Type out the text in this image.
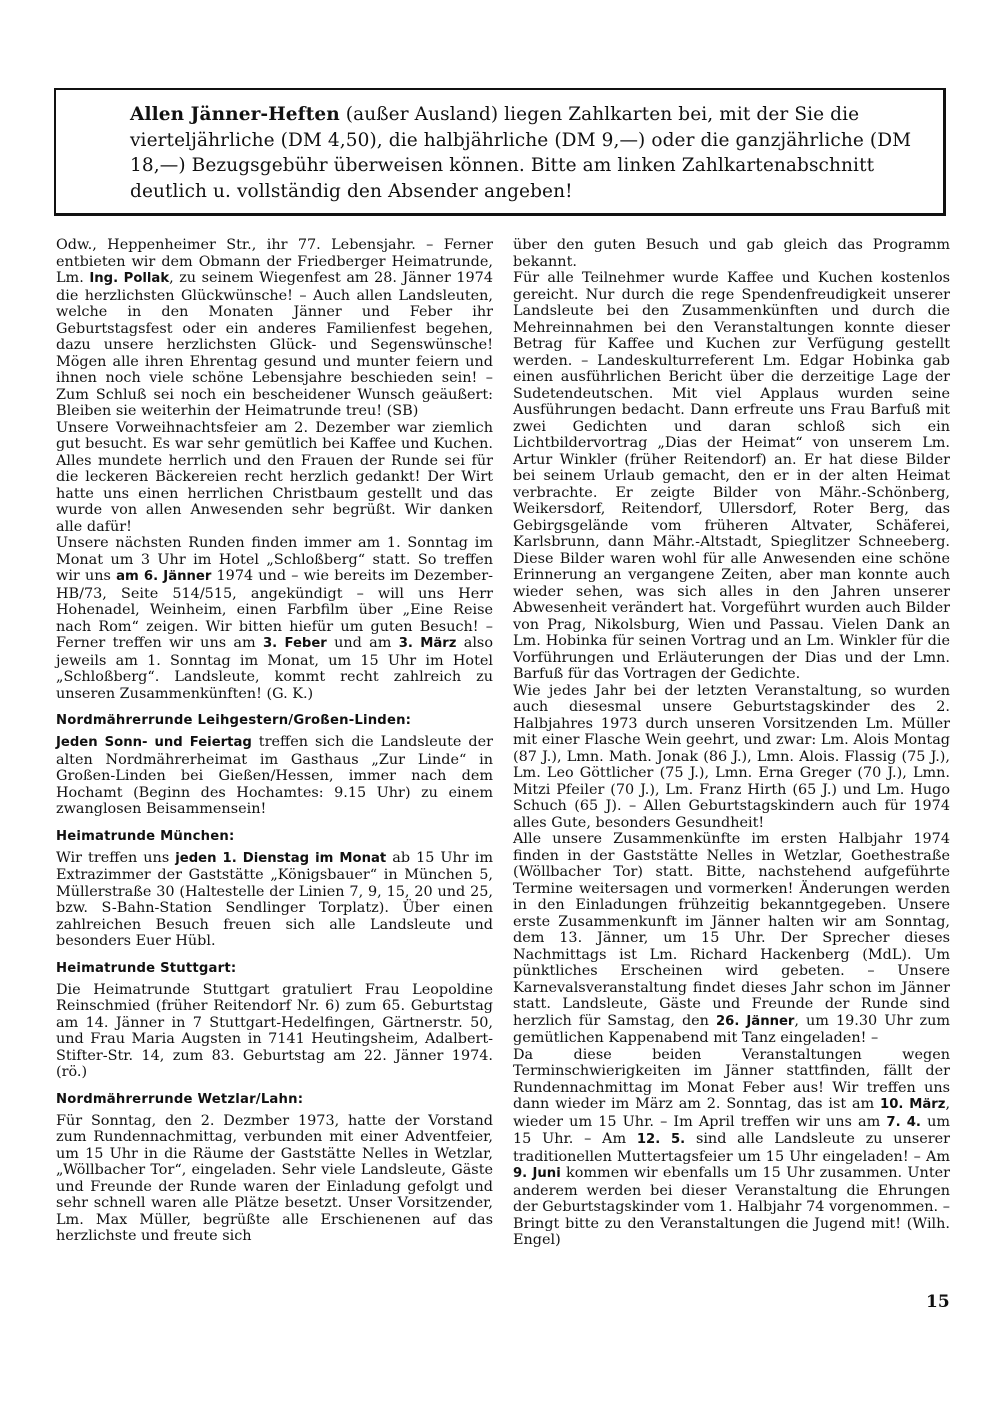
Allen Jänner-Heften (außer Ausland) liegen Zahlkarten bei, mit der Sie die vierteljährliche (DM 4,50), die halbjährliche (DM 9,—) oder die ganzjährliche (DM 18,—) Bezugsgebühr überweisen können. Bitte am linken Zahlkartenabschnitt deutlich u. vollständig den Absender angeben!

Odw., Heppenheimer Str., ihr 77. Lebensjahr. – Ferner entbieten wir dem Obmann der Friedberger Heimatrunde, Lm. Ing. Pollak, zu seinem Wiegenfest am 28. Jänner 1974 die herzlichsten Glückwünsche! – Auch allen Landsleuten, welche in den Monaten Jänner und Feber ihr Geburtstagsfest oder ein anderes Familienfest begehen, dazu unsere herzlichsten Glück- und Segenswünsche! Mögen alle ihren Ehrentag gesund und munter feiern und ihnen noch viele schöne Lebensjahre beschieden sein! – Zum Schluß sei noch ein bescheidener Wunsch geäußert: Bleiben sie weiterhin der Heimatrunde treu! (SB)

Unsere Vorweihnachtsfeier am 2. Dezember war ziemlich gut besucht. Es war sehr gemütlich bei Kaffee und Kuchen. Alles mundete herrlich und den Frauen der Runde sei für die leckeren Bäckereien recht herzlich gedankt! Der Wirt hatte uns einen herrlichen Christbaum gestellt und das wurde von allen Anwesenden sehr begrüßt. Wir danken alle dafür!

Unsere nächsten Runden finden immer am 1. Sonntag im Monat um 3 Uhr im Hotel „Schloßberg“ statt. So treffen wir uns am 6. Jänner 1974 und – wie bereits im Dezember-HB/73, Seite 514/515, angekündigt – will uns Herr Hohenadel, Weinheim, einen Farbfilm über „Eine Reise nach Rom“ zeigen. Wir bitten hiefür um guten Besuch! – Ferner treffen wir uns am 3. Feber und am 3. März also jeweils am 1. Sonntag im Monat, um 15 Uhr im Hotel „Schloßberg“. Landsleute, kommt recht zahlreich zu unseren Zusammenkünften! (G. K.)

Nordmährerrunde Leihgestern/Großen-Linden:

Jeden Sonn- und Feiertag treffen sich die Landsleute der alten Nordmährerheimat im Gasthaus „Zur Linde“ in Großen-Linden bei Gießen/Hessen, immer nach dem Hochamt (Beginn des Hochamtes: 9.15 Uhr) zu einem zwanglosen Beisammensein!

Heimatrunde München:

Wir treffen uns jeden 1. Dienstag im Monat ab 15 Uhr im Extrazimmer der Gaststätte „Königsbauer“ in München 5, Müllerstraße 30 (Haltestelle der Linien 7, 9, 15, 20 und 25, bzw. S-Bahn-Station Sendlinger Torplatz). Über einen zahlreichen Besuch freuen sich alle Landsleute und besonders Euer Hübl.

Heimatrunde Stuttgart:

Die Heimatrunde Stuttgart gratuliert Frau Leopoldine Reinschmied (früher Reitendorf Nr. 6) zum 65. Geburtstag am 14. Jänner in 7 Stuttgart-Hedelfingen, Gärtnerstr. 50, und Frau Maria Augsten in 7141 Heutingsheim, Adalbert-Stifter-Str. 14, zum 83. Geburtstag am 22. Jänner 1974. (rö.)

Nordmährerrunde Wetzlar/Lahn:

Für Sonntag, den 2. Dezmber 1973, hatte der Vorstand zum Rundennachmittag, verbunden mit einer Adventfeier, um 15 Uhr in die Räume der Gaststätte Nelles in Wetzlar, „Wöllbacher Tor“, eingeladen. Sehr viele Landsleute, Gäste und Freunde der Runde waren der Einladung gefolgt und sehr schnell waren alle Plätze besetzt. Unser Vorsitzender, Lm. Max Müller, begrüßte alle Erschienenen auf das herzlichste und freute sich

über den guten Besuch und gab gleich das Programm bekannt.

Für alle Teilnehmer wurde Kaffee und Kuchen kostenlos gereicht. Nur durch die rege Spendenfreudigkeit unserer Landsleute bei den Zusammenkünften und durch die Mehreinnahmen bei den Veranstaltungen konnte dieser Betrag für Kaffee und Kuchen zur Verfügung gestellt werden. – Landeskulturreferent Lm. Edgar Hobinka gab einen ausführlichen Bericht über die derzeitige Lage der Sudetendeutschen. Mit viel Applaus wurden seine Ausführungen bedacht. Dann erfreute uns Frau Barfuß mit zwei Gedichten und daran schloß sich ein Lichtbildervortrag „Dias der Heimat“ von unserem Lm. Artur Winkler (früher Reitendorf) an. Er hat diese Bilder bei seinem Urlaub gemacht, den er in der alten Heimat verbrachte. Er zeigte Bilder von Mähr.-Schönberg, Weikersdorf, Reitendorf, Ullersdorf, Roter Berg, das Gebirgsgelände vom früheren Altvater, Schäferei, Karlsbrunn, dann Mähr.-Altstadt, Spieglitzer Schneeberg. Diese Bilder waren wohl für alle Anwesenden eine schöne Erinnerung an vergangene Zeiten, aber man konnte auch wieder sehen, was sich alles in den Jahren unserer Abwesenheit verändert hat. Vorgeführt wurden auch Bilder von Prag, Nikolsburg, Wien und Passau. Vielen Dank an Lm. Hobinka für seinen Vortrag und an Lm. Winkler für die Vorführungen und Erläuterungen der Dias und der Lmn. Barfuß für das Vortragen der Gedichte.

Wie jedes Jahr bei der letzten Veranstaltung, so wurden auch diesesmal unsere Geburtstagskinder des 2. Halbjahres 1973 durch unseren Vorsitzenden Lm. Müller mit einer Flasche Wein geehrt, und zwar: Lm. Alois Montag (87 J.), Lmn. Math. Jonak (86 J.), Lmn. Alois. Flassig (75 J.), Lm. Leo Göttlicher (75 J.), Lmn. Erna Greger (70 J.), Lmn. Mitzi Pfeiler (70 J.), Lm. Franz Hirth (65 J.) und Lm. Hugo Schuch (65 J). – Allen Geburtstagskindern auch für 1974 alles Gute, besonders Gesundheit!

Alle unsere Zusammenkünfte im ersten Halbjahr 1974 finden in der Gaststätte Nelles in Wetzlar, Goethestraße (Wöllbacher Tor) statt. Bitte, nachstehend aufgeführte Termine weitersagen und vormerken! Änderungen werden in den Einladungen frühzeitig bekanntgegeben. Unsere erste Zusammenkunft im Jänner halten wir am Sonntag, dem 13. Jänner, um 15 Uhr. Der Sprecher dieses Nachmittags ist Lm. Richard Hackenberg (MdL). Um pünktliches Erscheinen wird gebeten. – Unsere Karnevalsveranstaltung findet dieses Jahr schon im Jänner statt. Landsleute, Gäste und Freunde der Runde sind herzlich für Samstag, den 26. Jänner, um 19.30 Uhr zum gemütlichen Kappenabend mit Tanz eingeladen! –

Da diese beiden Veranstaltungen wegen Terminschwierigkeiten im Jänner stattfinden, fällt der Rundennachmittag im Monat Feber aus! Wir treffen uns dann wieder im März am 2. Sonntag, das ist am 10. März, wieder um 15 Uhr. – Im April treffen wir uns am 7. 4. um 15 Uhr. – Am 12. 5. sind alle Landsleute zu unserer traditionellen Muttertagsfeier um 15 Uhr eingeladen! – Am 9. Juni kommen wir ebenfalls um 15 Uhr zusammen. Unter anderem werden bei dieser Veranstaltung die Ehrungen der Geburtstagskinder vom 1. Halbjahr 74 vorgenommen. – Bringt bitte zu den Veranstaltungen die Jugend mit! (Wilh. Engel)

15
